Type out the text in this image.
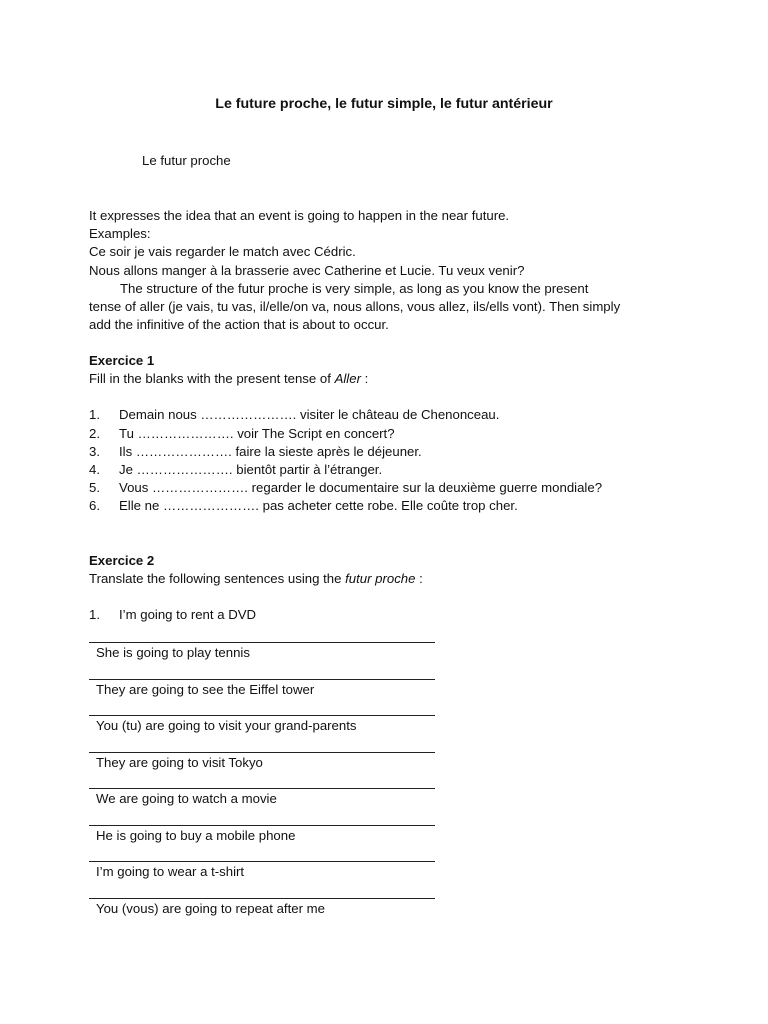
Le future proche, le futur simple, le futur antérieur
Le futur proche
It expresses the idea that an event is going to happen in the near future.
Examples:
Ce soir je vais regarder le match avec Cédric.
Nous allons manger à la brasserie avec Catherine et Lucie. Tu veux venir?
The structure of the futur proche is very simple, as long as you know the present
tense of aller (je vais, tu vas, il/elle/on va, nous allons, vous allez, ils/ells vont). Then simply
add the infinitive of the action that is about to occur.
Exercice 1
Fill in the blanks with the present tense of Aller :
1.	Demain nous …………………. visiter le château de Chenonceau.
2.	Tu …………………. voir The Script en concert?
3.	Ils …………………. faire la sieste après le déjeuner.
4.	Je …………………. bientôt partir à l’étranger.
5.	Vous …………………. regarder le documentaire sur la deuxième guerre mondiale?
6.	Elle ne …………………. pas acheter cette robe. Elle coûte trop cher.
Exercice 2
Translate the following sentences using the futur proche :
1.	I’m going to rent a DVD
She is going to play tennis
They are going to see the Eiffel tower
You (tu) are going to visit your grand-parents
They are going to visit Tokyo
We are going to watch a movie
He is going to buy a mobile phone
I’m going to wear a t-shirt
You (vous) are going to repeat after me
